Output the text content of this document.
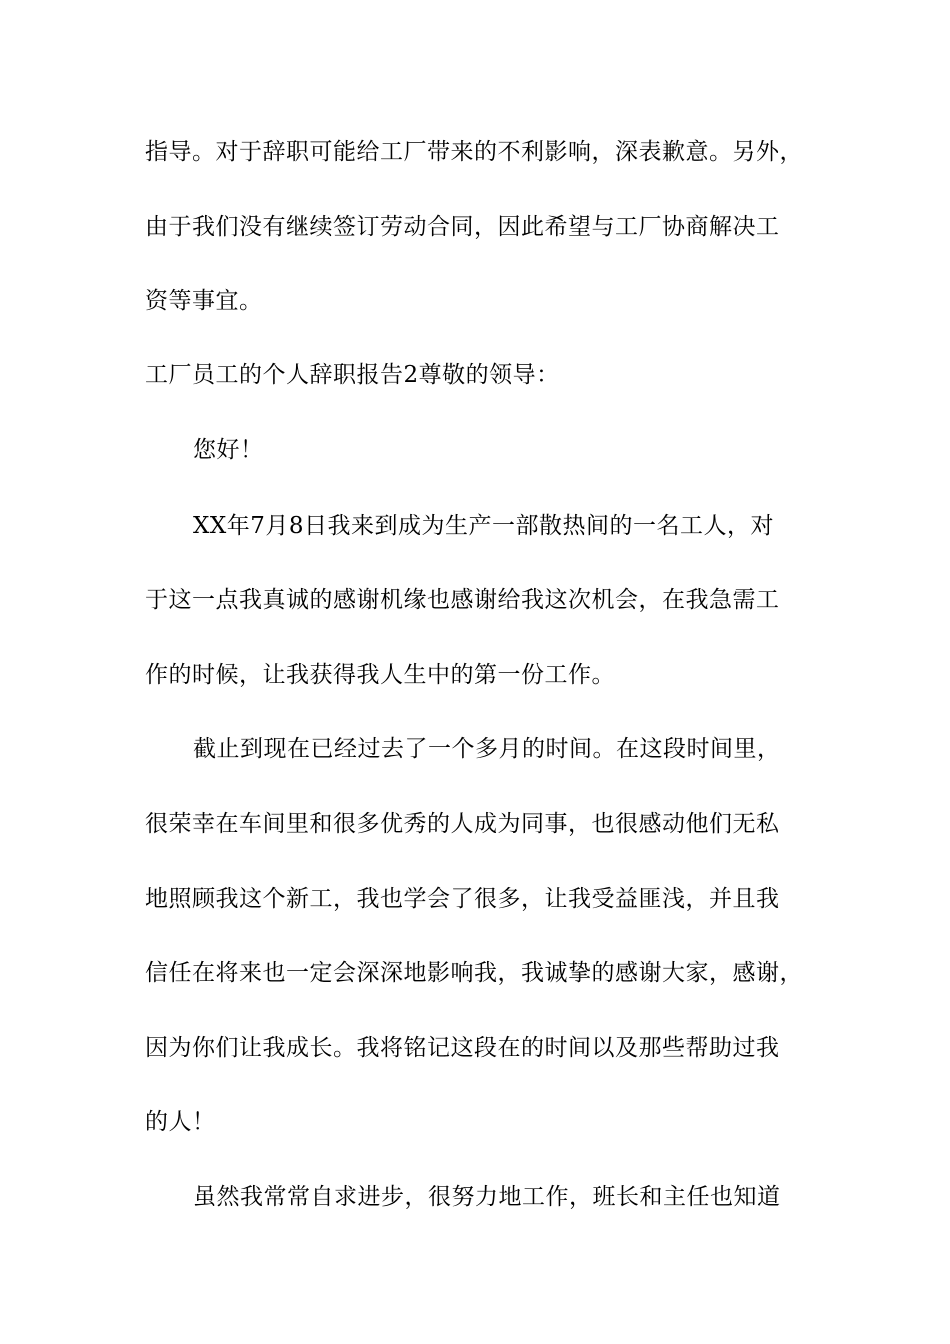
指导。对于辞职可能给工厂带来的不利影响，深表歉意。另外，
由于我们没有继续签订劳动合同，因此希望与工厂协商解决工
资等事宜。
工厂员工的个人辞职报告2尊敬的领导：
您好！
XX年7月8日我来到成为生产一部散热间的一名工人，对
于这一点我真诚的感谢机缘也感谢给我这次机会，在我急需工
作的时候，让我获得我人生中的第一份工作。
截止到现在已经过去了一个多月的时间。在这段时间里，
很荣幸在车间里和很多优秀的人成为同事，也很感动他们无私
地照顾我这个新工，我也学会了很多，让我受益匪浅，并且我
信任在将来也一定会深深地影响我，我诚挚的感谢大家，感谢，
因为你们让我成长。我将铭记这段在的时间以及那些帮助过我
的人！
虽然我常常自求进步，很努力地工作，班长和主任也知道
